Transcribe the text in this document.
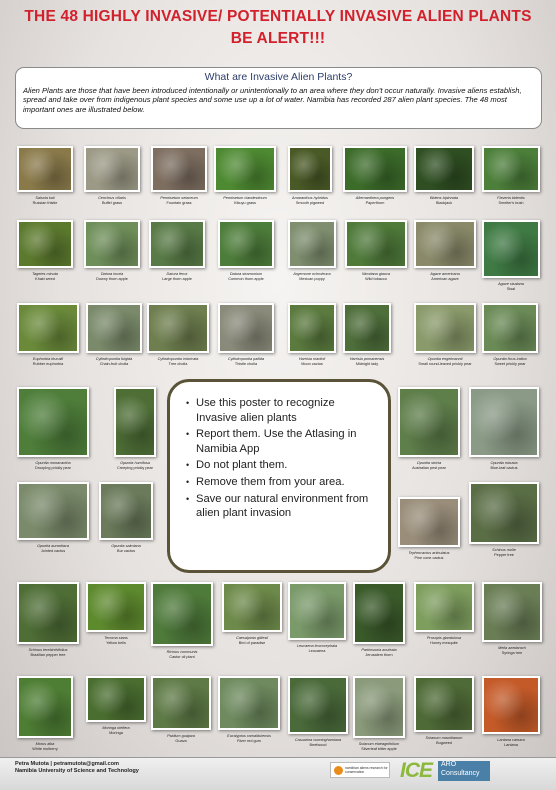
THE 48 HIGHLY INVASIVE/ POTENTIALLY INVASIVE ALIEN PLANTS
BE ALERT!!!
What are Invasive Alien Plants?
Alien Plants are those that have been introduced intentionally or unintentionally to an area where they don't occur naturally. Invasive aliens establish, spread and take over from indigenous plant species and some use up a lot of water. Namibia has recorded 287 alien plant species. The 48 most important ones are illustrated below.
Salsola kali
Russian thistle
Cenchrus ciliaris
Buffel grass
Pennisetum setaceum
Fountain grass
Pennisetum clandestinum
Kikuyu grass
Amaranthus hybridus
Smooth pigweed
Alternanthera pungens
Paperthorn
Bidens bipinnata
Blackjack
Flaveria bidentis
Smelter's bush
Tagetes minuta
Khaki weed
Datura inoxia
Downy thorn apple
Datura ferox
Large thorn apple
Datura stramonium
Common thorn apple
Argemone ochroleuca
Mexican poppy
Nicotiana glauca
Wild tobacco
Agave americana
American agave
Agave sisalana
Sisal
Euphorbia tirucalli
Rubber euphorbia
Cylindropuntia fulgida
Chain-fruit cholla
Cylindropuntia imbricata
Tree cholla
Cylindropuntia pallida
Thistle cholla
Harrisia martinii
Moon cactus
Harrisia pomanensis
Midnight lady
Opuntia engelmannii
Small round-leaved prickly pear
Opuntia ficus-indica
Sweet prickly pear
Opuntia monacantha
Drooping prickly pear
Opuntia humifusa
Creeping prickly pear
Opuntia stricta
Australian pest pear
Opuntia robusta
Blue-leaf cactus
Opuntia aurantiaca
Jointed cactus
Opuntia salmiana
Bur cactus	Schinus molle
Pepper tree
Tephrocactus articulatus
Pine cone cactus
Schinus terebinthifolius
Brazilian pepper tree
Tecoma stans
Yellow bells
Ricinus communis
Castor oil plant
Caesalpinia gilliesii
Bird of paradise
Leucaena leucocephala
Leucaena	Parkinsonia aculeata
Jerusalem thorn
Prosopis glandulosa
Honey mesquite
Melia azedarach
Syringa tree
Morus alba
White mulberry
Moringa oleifera
Moringa
Psidium guajava
Guava
Eucalyptus camaldulensis
River red gum	Casuarina cunninghamiana
Beefwood	Solanum elaeagnifolium
Silverleaf bitter apple
Solanum mauritianum
Bugweed
Lantana camara
Lantana
• Use this poster to recognize Invasive alien plants
• Report them. Use the Atlasing in Namibia App
• Do not plant them.
• Remove them from your area.
• Save our natural environment from alien plant invasion
Petra Mutota | petramutota@gmail.com
Namibia University of Science and Technology	namibian aliens research for conservation	ICE ARO
Consultancy
